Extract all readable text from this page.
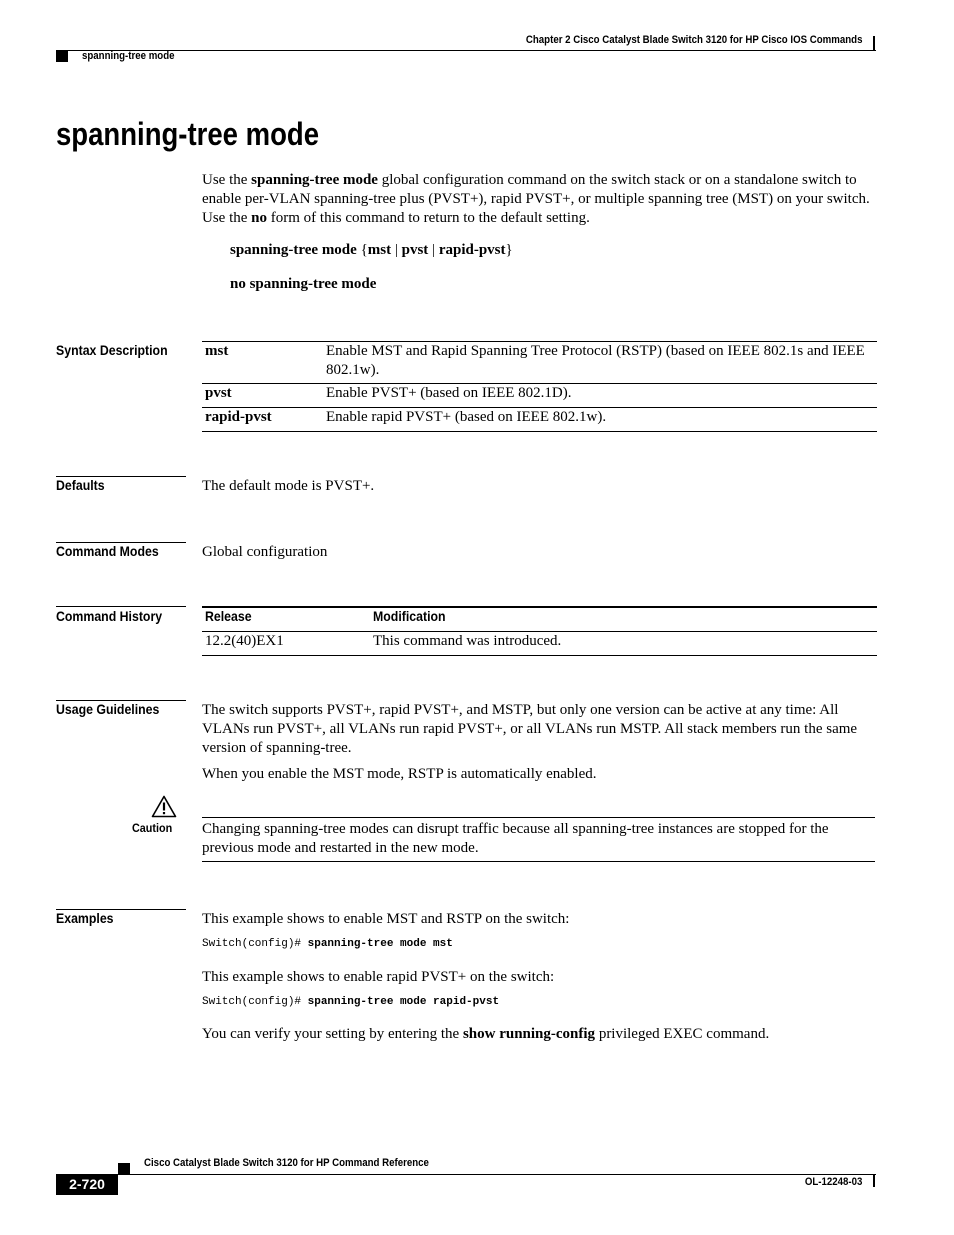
Chapter 2 Cisco Catalyst Blade Switch 3120 for HP Cisco IOS Commands
spanning-tree mode
spanning-tree mode
Use the spanning-tree mode global configuration command on the switch stack or on a standalone switch to enable per-VLAN spanning-tree plus (PVST+), rapid PVST+, or multiple spanning tree (MST) on your switch. Use the no form of this command to return to the default setting.
spanning-tree mode {mst | pvst | rapid-pvst}
no spanning-tree mode
Syntax Description mst	Enable MST and Rapid Spanning Tree Protocol (RSTP) (based on IEEE 802.1s and IEEE 802.1w).
pvst	Enable PVST+ (based on IEEE 802.1D).
rapid-pvst	Enable rapid PVST+ (based on IEEE 802.1w).
Defaults	The default mode is PVST+.
Command Modes	Global configuration
Command History	Release	Modification
12.2(40)EX1	This command was introduced.
Usage Guidelines	The switch supports PVST+, rapid PVST+, and MSTP, but only one version can be active at any time: All VLANs run PVST+, all VLANs run rapid PVST+, or all VLANs run MSTP. All stack members run the same version of spanning-tree.
When you enable the MST mode, RSTP is automatically enabled.
Caution Changing spanning-tree modes can disrupt traffic because all spanning-tree instances are stopped for the previous mode and restarted in the new mode.
Examples	This example shows to enable MST and RSTP on the switch:
Switch(config)# spanning-tree mode mst
This example shows to enable rapid PVST+ on the switch:
Switch(config)# spanning-tree mode rapid-pvst
You can verify your setting by entering the show running-config privileged EXEC command.
Cisco Catalyst Blade Switch 3120 for HP Command Reference
2-720	OL-12248-03
